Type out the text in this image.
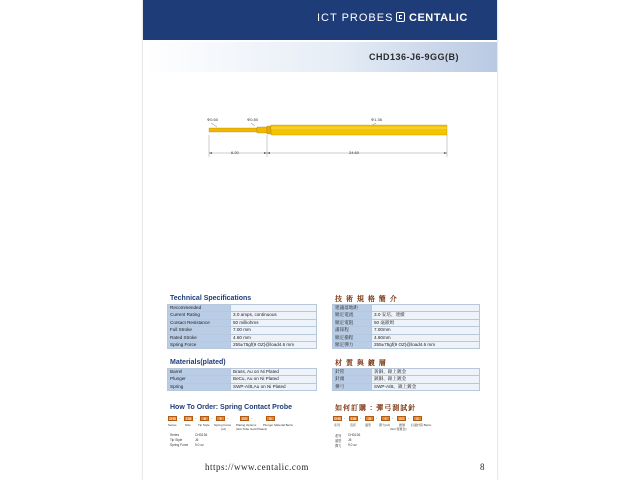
ICT PROBES CENTALIC
CHD136-J6-9GG(B)
Φ0.60	Φ0.80	Φ1.36
6.20	24.60
Technical Specifications
Recommended	
Current Rating	3.0 amps, continuous
Contact Resistance	50 milliohms
Full Stroke	7.00 mm
Rated Stroke	4.60 mm
Spring Force	255±75gf(9 OZ)@load4.6 mm
技 術 規 格 簡 介
建議落地距	
額定電流	3.0 安培、連續
額定電阻	50 毫歐姆
滿探程	7.00mm
額定衝程	4.60mm
額定彈力	255±75gf(9 OZ)@load4.6 mm
Materials(plated)
Barrel	Brass, Au on Ni Plated
Plunger	BeCu, Au on Ni Plated
Spring	SWP-A/B,Au on Ni Plated
材 質 與 鍍 層
針管	黃銅、鎳上鍍金
針頭	鈹銅、鎳上鍍金
彈弓	SWP-A/B、鎳上鍍金
How To Order: Spring Contact Probe
CHD -	136 -	J6	-	9	-	GG	-	B
Series	Size Tip Style Spring Force Plating Options Plunger Material BeCu
(oz)	(GG:Tube Gold Plated)
Series	CHD136
Tip Style	J6
Spring Force 9.0 oz
如何訂購 : 彈弓測試針
CHD -	136 -	J6	-	9	-	GG	-	B
系列	直徑	頭型	彈力(oz)	鍍層 針頭材質:BeCu
(GG:管鍍金)
系列 CHD136
頭型 J6
彈力 9.0 oz
https://www.centalic.com	8
